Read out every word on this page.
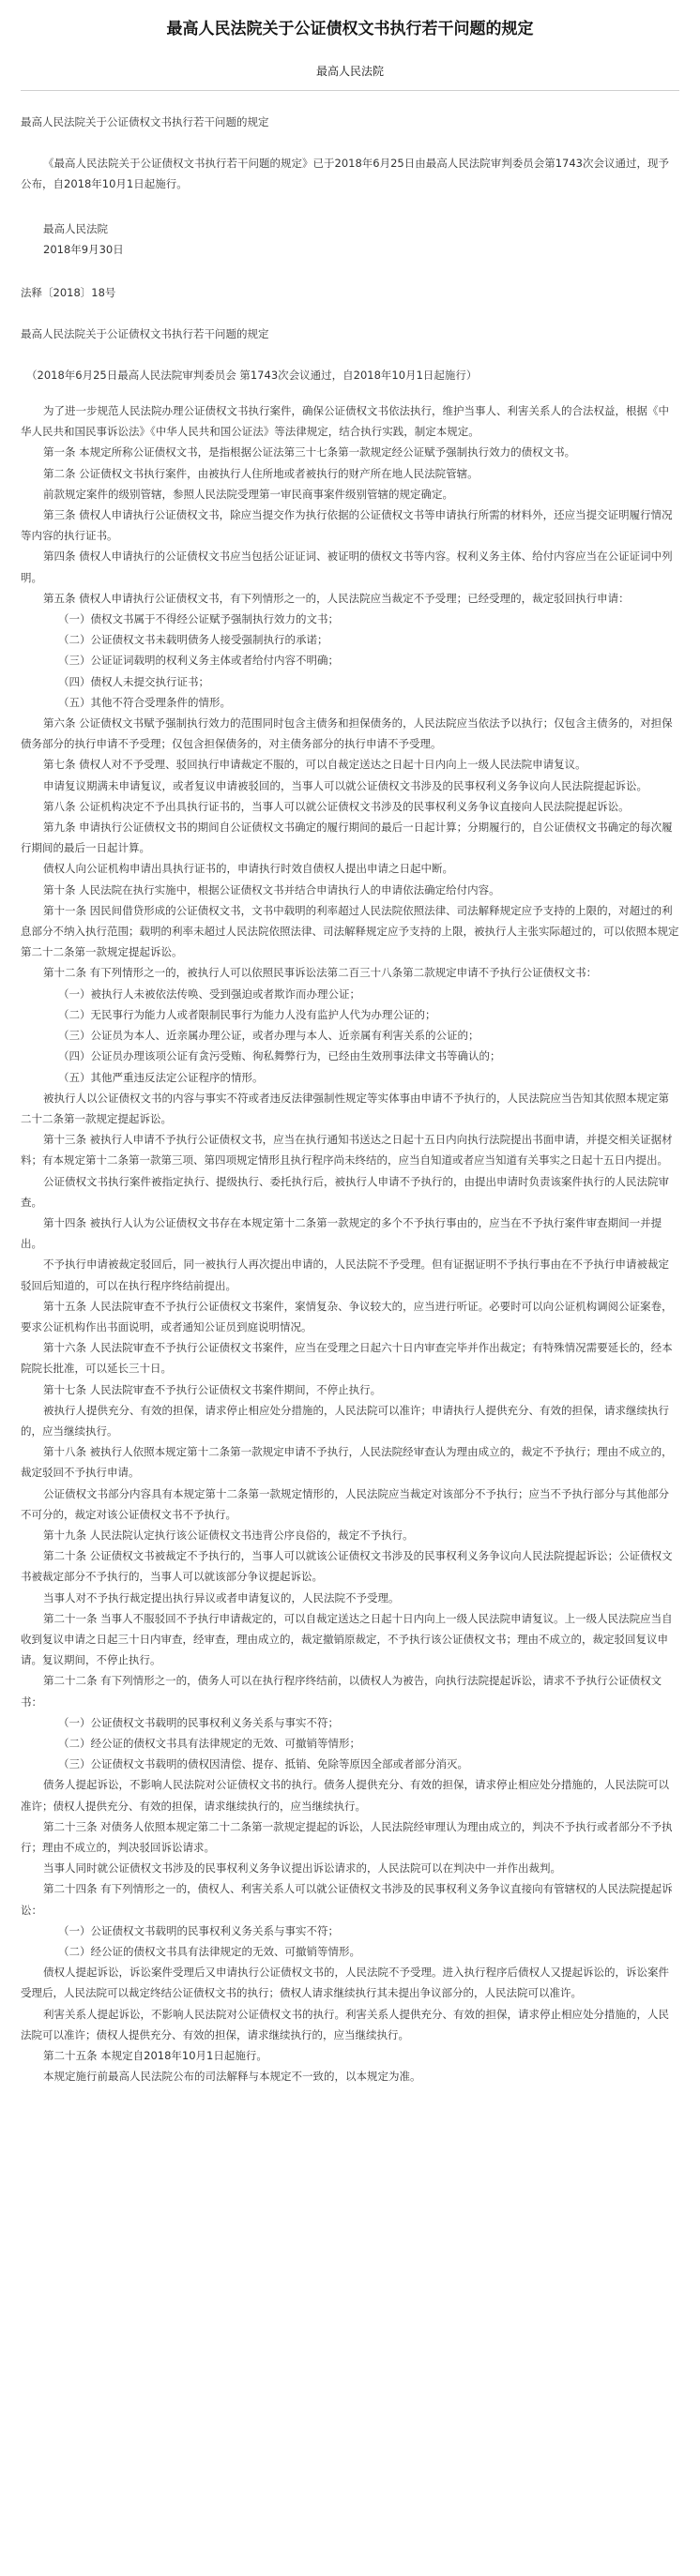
最高人民法院关于公证债权文书执行若干问题的规定
最高人民法院

最高人民法院关于公证债权文书执行若干问题的规定

《最高人民法院关于公证债权文书执行若干问题的规定》已于2018年6月25日由最高人民法院审判委员会第1743次会议通过，现予公布，自2018年10月1日起施行。

最高人民法院

2018年9月30日

法释〔2018〕18号

最高人民法院关于公证债权文书执行若干问题的规定

（2018年6月25日最高人民法院审判委员会 第1743次会议通过，自2018年10月1日起施行）

为了进一步规范人民法院办理公证债权文书执行案件，确保公证债权文书依法执行，维护当事人、利害关系人的合法权益，根据《中华人民共和国民事诉讼法》《中华人民共和国公证法》等法律规定，结合执行实践，制定本规定。

第一条 本规定所称公证债权文书，是指根据公证法第三十七条第一款规定经公证赋予强制执行效力的债权文书。

第二条 公证债权文书执行案件，由被执行人住所地或者被执行的财产所在地人民法院管辖。

前款规定案件的级别管辖，参照人民法院受理第一审民商事案件级别管辖的规定确定。

第三条 债权人申请执行公证债权文书，除应当提交作为执行依据的公证债权文书等申请执行所需的材料外，还应当提交证明履行情况等内容的执行证书。

第四条 债权人申请执行的公证债权文书应当包括公证证词、被证明的债权文书等内容。权利义务主体、给付内容应当在公证证词中列明。

第五条 债权人申请执行公证债权文书，有下列情形之一的，人民法院应当裁定不予受理；已经受理的，裁定驳回执行申请：

（一）债权文书属于不得经公证赋予强制执行效力的文书；

（二）公证债权文书未载明债务人接受强制执行的承诺；

（三）公证证词载明的权利义务主体或者给付内容不明确；

（四）债权人未提交执行证书；

（五）其他不符合受理条件的情形。

第六条 公证债权文书赋予强制执行效力的范围同时包含主债务和担保债务的，人民法院应当依法予以执行；仅包含主债务的，对担保债务部分的执行申请不予受理；仅包含担保债务的，对主债务部分的执行申请不予受理。

第七条 债权人对不予受理、驳回执行申请裁定不服的，可以自裁定送达之日起十日内向上一级人民法院申请复议。

申请复议期满未申请复议，或者复议申请被驳回的，当事人可以就公证债权文书涉及的民事权利义务争议向人民法院提起诉讼。

第八条 公证机构决定不予出具执行证书的，当事人可以就公证债权文书涉及的民事权利义务争议直接向人民法院提起诉讼。

第九条 申请执行公证债权文书的期间自公证债权文书确定的履行期间的最后一日起计算；分期履行的，自公证债权文书确定的每次履行期间的最后一日起计算。

债权人向公证机构申请出具执行证书的，申请执行时效自债权人提出申请之日起中断。

第十条 人民法院在执行实施中，根据公证债权文书并结合申请执行人的申请依法确定给付内容。

第十一条 因民间借贷形成的公证债权文书，文书中载明的利率超过人民法院依照法律、司法解释规定应予支持的上限的，对超过的利息部分不纳入执行范围；载明的利率未超过人民法院依照法律、司法解释规定应予支持的上限，被执行人主张实际超过的，可以依照本规定第二十二条第一款规定提起诉讼。

第十二条 有下列情形之一的，被执行人可以依照民事诉讼法第二百三十八条第二款规定申请不予执行公证债权文书：

（一）被执行人未被依法传唤、受到强迫或者欺诈而办理公证；

（二）无民事行为能力人或者限制民事行为能力人没有监护人代为办理公证的；

（三）公证员为本人、近亲属办理公证，或者办理与本人、近亲属有利害关系的公证的；

（四）公证员办理该项公证有贪污受贿、徇私舞弊行为，已经由生效刑事法律文书等确认的；

（五）其他严重违反法定公证程序的情形。

被执行人以公证债权文书的内容与事实不符或者违反法律强制性规定等实体事由申请不予执行的，人民法院应当告知其依照本规定第二十二条第一款规定提起诉讼。

第十三条 被执行人申请不予执行公证债权文书，应当在执行通知书送达之日起十五日内向执行法院提出书面申请，并提交相关证据材料；有本规定第十二条第一款第三项、第四项规定情形且执行程序尚未终结的，应当自知道或者应当知道有关事实之日起十五日内提出。

公证债权文书执行案件被指定执行、提级执行、委托执行后，被执行人申请不予执行的，由提出申请时负责该案件执行的人民法院审查。

第十四条 被执行人认为公证债权文书存在本规定第十二条第一款规定的多个不予执行事由的，应当在不予执行案件审查期间一并提出。

不予执行申请被裁定驳回后，同一被执行人再次提出申请的，人民法院不予受理。但有证据证明不予执行事由在不予执行申请被裁定驳回后知道的，可以在执行程序终结前提出。

第十五条 人民法院审查不予执行公证债权文书案件，案情复杂、争议较大的，应当进行听证。必要时可以向公证机构调阅公证案卷，要求公证机构作出书面说明，或者通知公证员到庭说明情况。

第十六条 人民法院审查不予执行公证债权文书案件，应当在受理之日起六十日内审查完毕并作出裁定；有特殊情况需要延长的，经本院院长批准，可以延长三十日。

第十七条 人民法院审查不予执行公证债权文书案件期间，不停止执行。

被执行人提供充分、有效的担保，请求停止相应处分措施的，人民法院可以准许；申请执行人提供充分、有效的担保，请求继续执行的，应当继续执行。

第十八条 被执行人依照本规定第十二条第一款规定申请不予执行，人民法院经审查认为理由成立的，裁定不予执行；理由不成立的，裁定驳回不予执行申请。

公证债权文书部分内容具有本规定第十二条第一款规定情形的，人民法院应当裁定对该部分不予执行；应当不予执行部分与其他部分不可分的，裁定对该公证债权文书不予执行。

第十九条 人民法院认定执行该公证债权文书违背公序良俗的，裁定不予执行。

第二十条 公证债权文书被裁定不予执行的，当事人可以就该公证债权文书涉及的民事权利义务争议向人民法院提起诉讼；公证债权文书被裁定部分不予执行的，当事人可以就该部分争议提起诉讼。

当事人对不予执行裁定提出执行异议或者申请复议的，人民法院不予受理。

第二十一条 当事人不服驳回不予执行申请裁定的，可以自裁定送达之日起十日内向上一级人民法院申请复议。上一级人民法院应当自收到复议申请之日起三十日内审查，经审查，理由成立的，裁定撤销原裁定，不予执行该公证债权文书；理由不成立的，裁定驳回复议申请。复议期间，不停止执行。

第二十二条 有下列情形之一的，债务人可以在执行程序终结前，以债权人为被告，向执行法院提起诉讼，请求不予执行公证债权文书：

（一）公证债权文书载明的民事权利义务关系与事实不符；

（二）经公证的债权文书具有法律规定的无效、可撤销等情形；

（三）公证债权文书载明的债权因清偿、提存、抵销、免除等原因全部或者部分消灭。

债务人提起诉讼，不影响人民法院对公证债权文书的执行。债务人提供充分、有效的担保，请求停止相应处分措施的，人民法院可以准许；债权人提供充分、有效的担保，请求继续执行的，应当继续执行。

第二十三条 对债务人依照本规定第二十二条第一款规定提起的诉讼，人民法院经审理认为理由成立的，判决不予执行或者部分不予执行；理由不成立的，判决驳回诉讼请求。

当事人同时就公证债权文书涉及的民事权利义务争议提出诉讼请求的，人民法院可以在判决中一并作出裁判。

第二十四条 有下列情形之一的，债权人、利害关系人可以就公证债权文书涉及的民事权利义务争议直接向有管辖权的人民法院提起诉讼：

（一）公证债权文书载明的民事权利义务关系与事实不符；

（二）经公证的债权文书具有法律规定的无效、可撤销等情形。

债权人提起诉讼，诉讼案件受理后又申请执行公证债权文书的，人民法院不予受理。进入执行程序后债权人又提起诉讼的，诉讼案件受理后，人民法院可以裁定终结公证债权文书的执行；债权人请求继续执行其未提出争议部分的，人民法院可以准许。

利害关系人提起诉讼，不影响人民法院对公证债权文书的执行。利害关系人提供充分、有效的担保，请求停止相应处分措施的，人民法院可以准许；债权人提供充分、有效的担保，请求继续执行的，应当继续执行。

第二十五条 本规定自2018年10月1日起施行。

本规定施行前最高人民法院公布的司法解释与本规定不一致的，以本规定为准。
